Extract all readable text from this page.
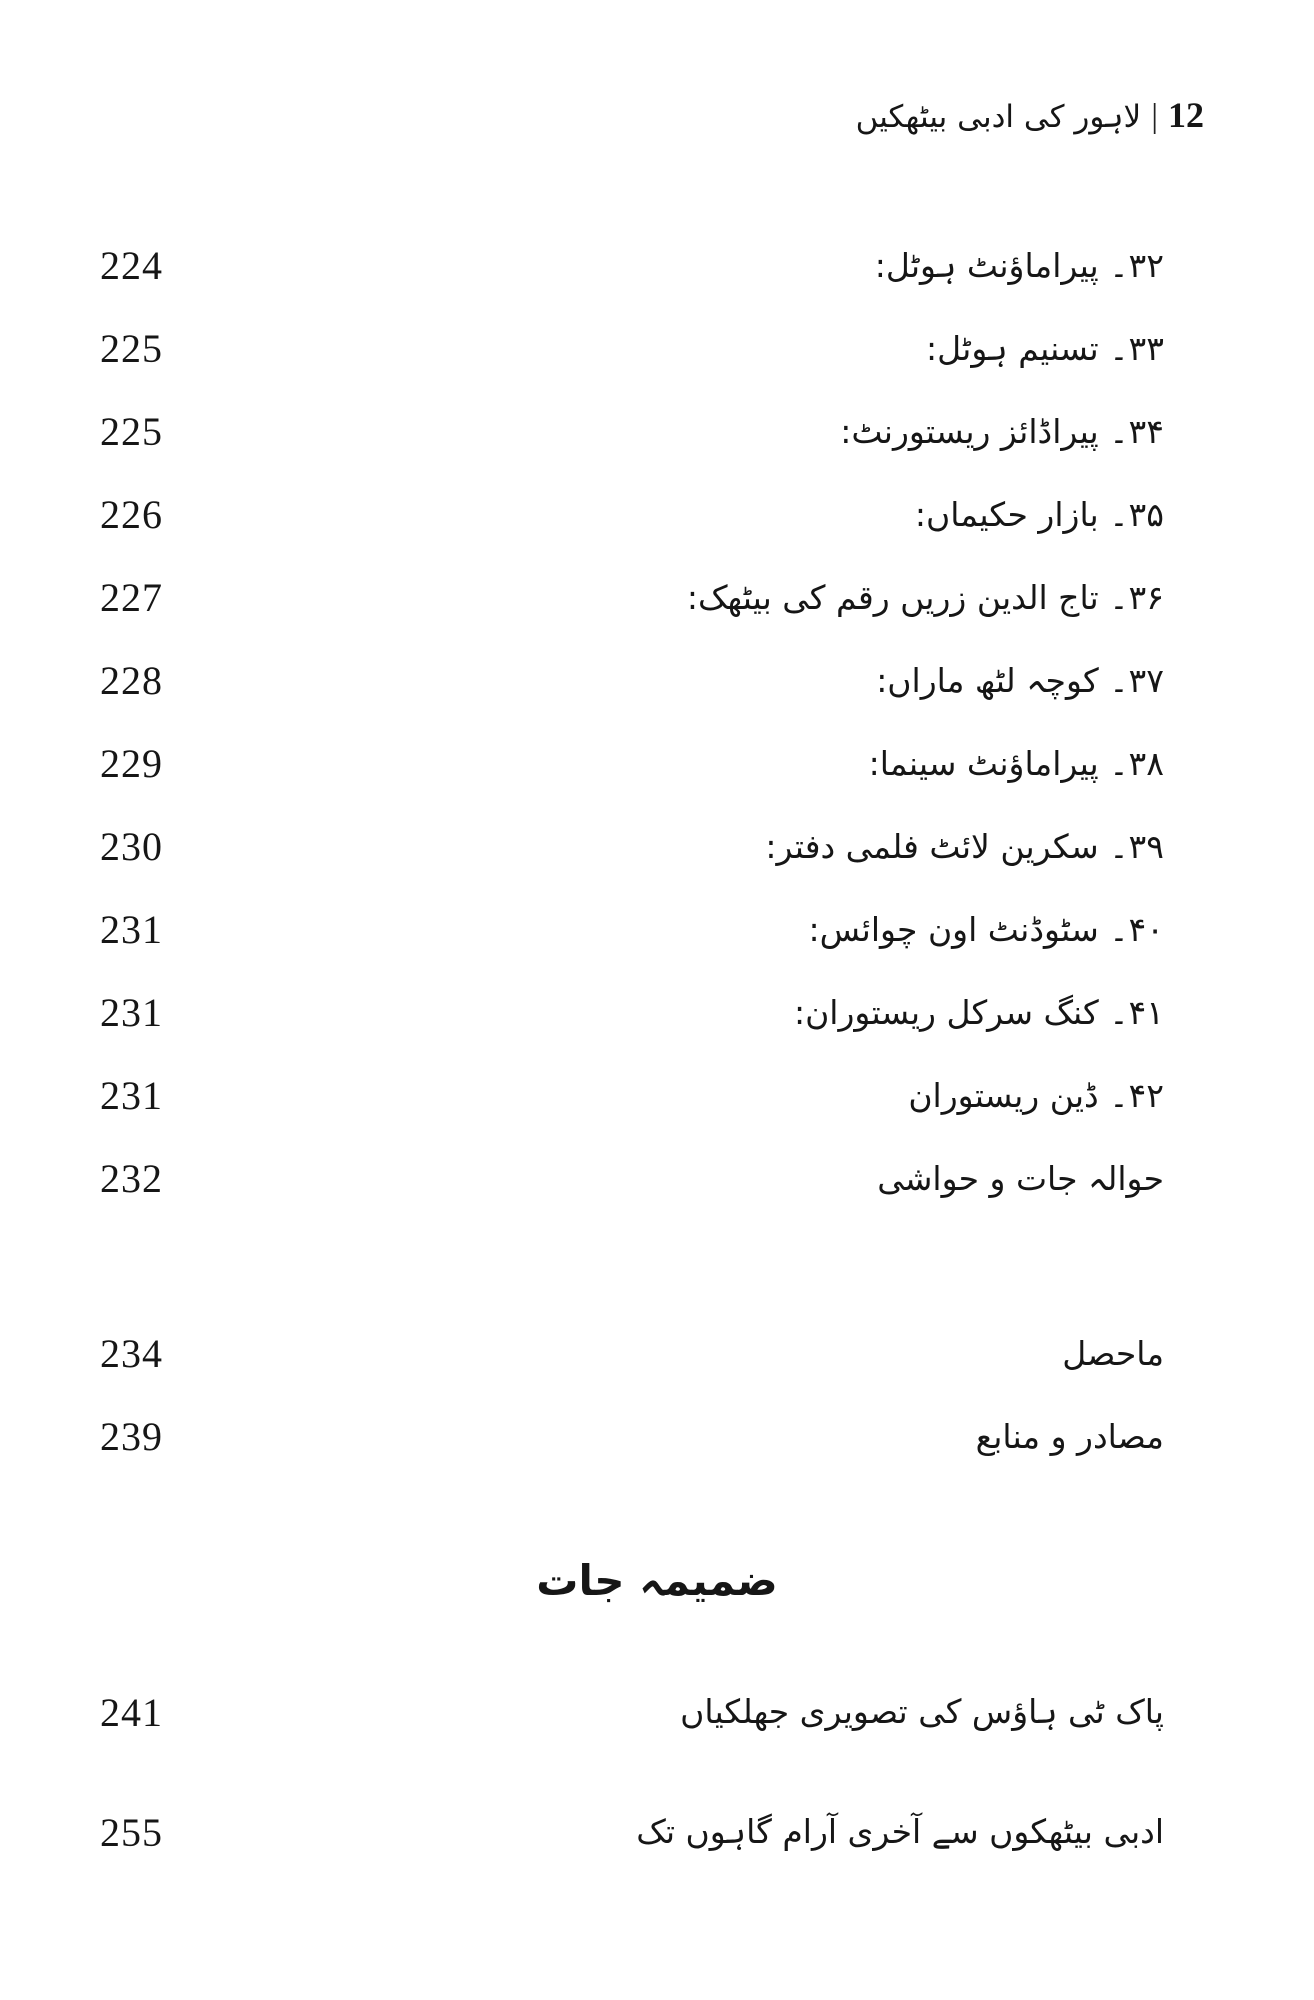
12|لاہور کی ادبی بیٹھکیں
224	۳۲۔ پیراماؤنٹ ہوٹل:
225	۳۳۔ تسنیم ہوٹل:
225	۳۴۔ پیراڈائز ریستورنٹ:
226	۳۵۔ بازار حکیماں:
227	۳۶۔ تاج الدین زریں رقم کی بیٹھک:
228	۳۷۔ کوچہ لٹھ ماراں:
229	۳۸۔ پیراماؤنٹ سینما:
230	۳۹۔ سکرین لائٹ فلمی دفتر:
231	۴۰۔ سٹوڈنٹ اون چوائس:
231	۴۱۔ کنگ سرکل ریستوران:
231	۴۲۔ ڈین ریستوران
232	حوالہ جات و حواشی
234	ماحصل
239	مصادر و منابع
ضمیمہ جات
241	پاک ٹی ہاؤس کی تصویری جھلکیاں
255	ادبی بیٹھکوں سے آخری آرام گاہوں تک
